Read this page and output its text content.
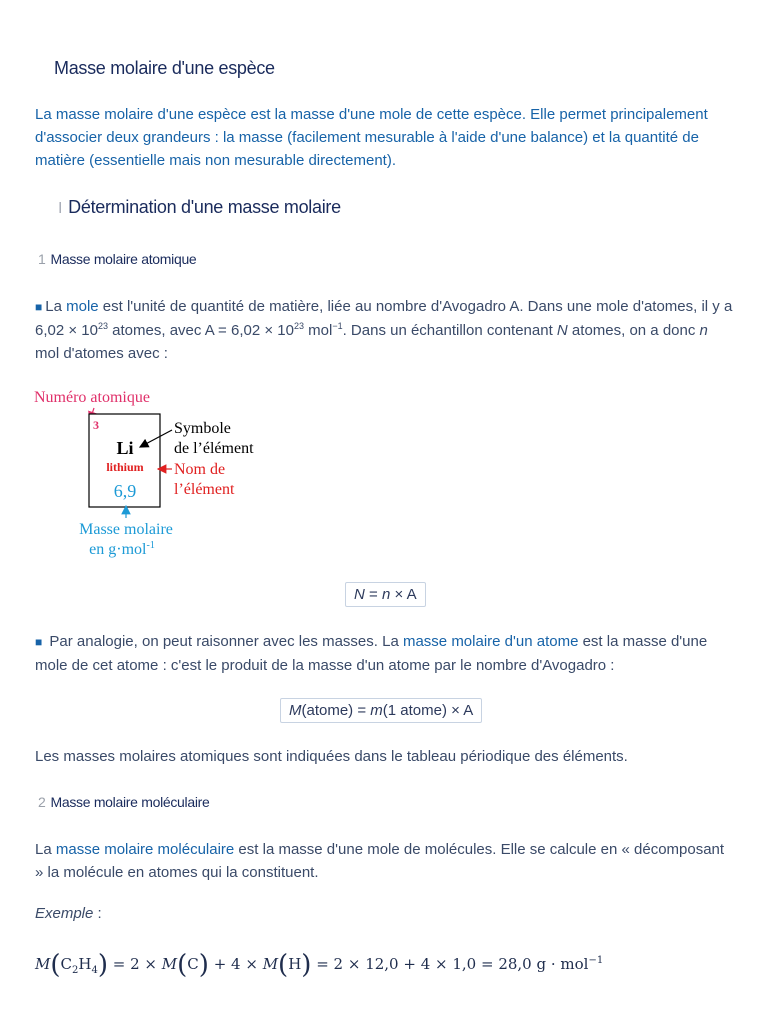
Masse molaire d'une espèce
La masse molaire d'une espèce est la masse d'une mole de cette espèce. Elle permet principalement d'associer deux grandeurs : la masse (facilement mesurable à l'aide d'une balance) et la quantité de matière (essentielle mais non mesurable directement).
I Détermination d'une masse molaire
1 Masse molaire atomique
■ La mole est l'unité de quantité de matière, liée au nombre d'Avogadro A. Dans une mole d'atomes, il y a $6,02 \times 10^{23}$ atomes, avec $A = 6,02 \times 10^{23}$ mol$^{-1}$. Dans un échantillon contenant N atomes, on a donc n mol d'atomes avec :
Numéro atomique
3
Li
lithium
6,9
Symbole
de l’élément
Nom de
l’élément
Masse molaire
en g·mol$^{-1}$
N = n × A
■ Par analogie, on peut raisonner avec les masses. La masse molaire d'un atome est la masse d'une mole de cet atome : c'est le produit de la masse d'un atome par le nombre d'Avogadro :
M(atome) = m(1 atome) × A
Les masses molaires atomiques sont indiquées dans le tableau périodique des éléments.
2 Masse molaire moléculaire
La masse molaire moléculaire est la masse d'une mole de molécules. Elle se calcule en « décomposant » la molécule en atomes qui la constituent.
Exemple :
$M(C_2H_4) = 2 \times M(C) + 4 \times M(H) = 2 \times 12,0 + 4 \times 1,0 = 28,0$ g · mol$^{-1}$
